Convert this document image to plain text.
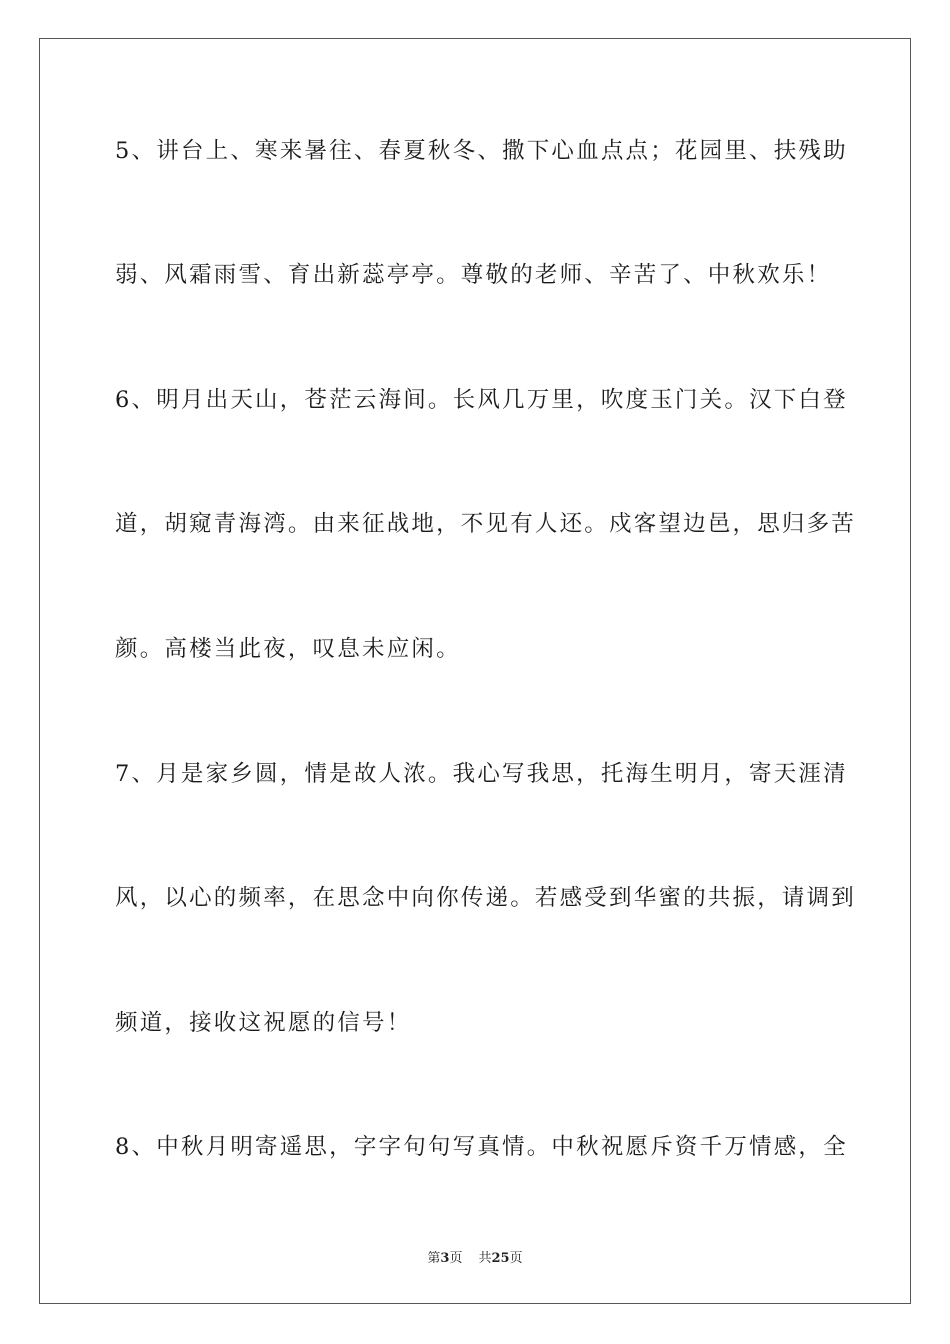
5、讲台上、寒来暑往、春夏秋冬、撒下心血点点；花园里、扶残助
弱、风霜雨雪、育出新蕊亭亭。尊敬的老师、辛苦了、中秋欢乐！
6、明月出天山，苍茫云海间。长风几万里，吹度玉门关。汉下白登
道，胡窥青海湾。由来征战地，不见有人还。戍客望边邑，思归多苦
颜。高楼当此夜，叹息未应闲。
7、月是家乡圆，情是故人浓。我心写我思，托海生明月，寄天涯清
风，以心的频率，在思念中向你传递。若感受到华蜜的共振，请调到
频道，接收这祝愿的信号！
8、中秋月明寄遥思，字字句句写真情。中秋祝愿斥资千万情感，全
第3页 共25页
